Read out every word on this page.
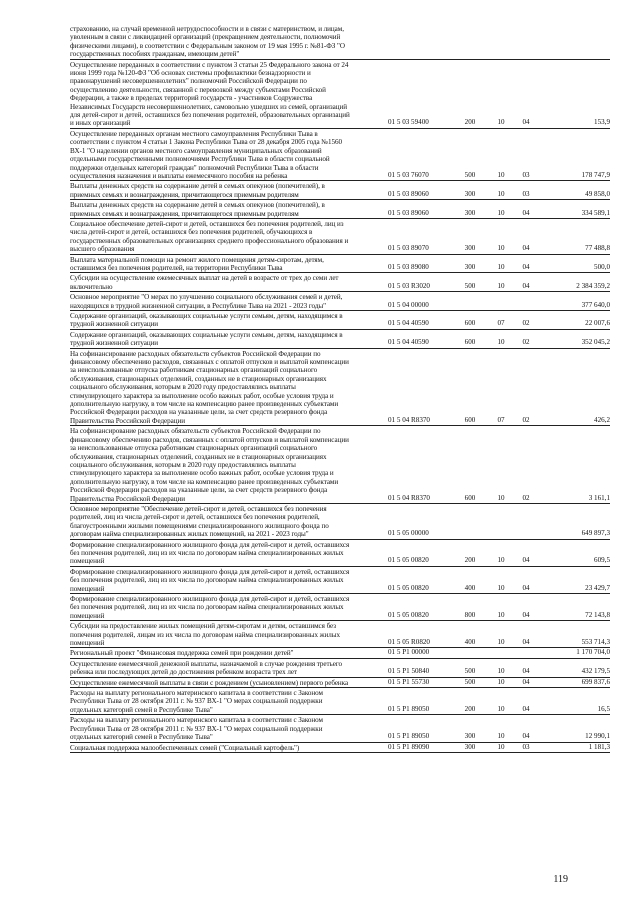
страхованию, на случай временной нетрудоспособности и в связи с материнством, и лицам,
уволенным в связи с ликвидацией организаций (прекращением деятельности, полномочий
физическими лицами), в соответствии с Федеральным законом от 19 мая 1995 г. №81-ФЗ "О
государственных пособиях гражданам, имеющим детей"
Осуществление переданных в соответствии с пунктом 3 статьи 25 Федерального закона от 24
июня 1999 года №120-ФЗ "Об основах системы профилактики безнадзорности и
правонарушений несовершеннолетних" полномочий Российской Федерации по
осуществлению деятельности, связанной с перевозкой между субъектами Российской
Федерации, а также в пределах территорий государств - участников Содружества
Независимых Государств несовершеннолетних, самовольно ушедших из семей, организаций
для детей-сирот и детей, оставшихся без попечения родителей, образовательных организаций
и иных организаций	01 5 03 59400	200	10	04	153,9
Осуществление переданных органам местного самоуправления Республики Тыва в
соответствии с пунктом 4 статьи 1 Закона Республики Тыва от 28 декабря 2005 года №1560
ВХ-1 "О наделении органов местного самоуправления муниципальных образований
отдельными государственными полномочиями Республики Тыва в области социальной
поддержки отдельных категорий граждан" полномочий Республики Тыва в области
осуществления назначения и выплаты ежемесячного пособия на ребенка	01 5 03 76070	500	10	03	178 747,9
Выплаты денежных средств на содержание детей в семьях опекунов (попечителей), в
приемных семьях и вознаграждения, причитающегося приемным родителям	01 5 03 89060	300	10	03	49 858,0
Выплаты денежных средств на содержание детей в семьях опекунов (попечителей), в
приемных семьях и вознаграждения, причитающегося приемным родителям	01 5 03 89060	300	10	04	334 589,1
Социальное обеспечение детей-сирот и детей, оставшихся без попечения родителей, лиц из
числа детей-сирот и детей, оставшихся без попечения родителей, обучающихся в
государственных образовательных организациях среднего профессионального образования и
высшего образования	01 5 03 89070	300	10	04	77 488,8
Выплата материальной помощи на ремонт жилого помещения детям-сиротам, детям,
оставшимся без попечения родителей, на территории Республики Тыва	01 5 03 89080	300	10	04	500,0
Субсидии на осуществление ежемесячных выплат на детей в возрасте от трех до семи лет
включительно	01 5 03 R3020	500	10	04	2 384 359,2
Основное мероприятие "О мерах по улучшению социального обслуживания семей и детей,
находящихся в трудной жизненной ситуации, в Республике Тыва на 2021 - 2023 годы"	01 5 04 00000	377 640,0
Содержание организаций, оказывающих социальные услуги семьям, детям, находящимся в
трудной жизненной ситуации	01 5 04 40590	600	07	02	22 007,6
Содержание организаций, оказывающих социальные услуги семьям, детям, находящимся в
трудной жизненной ситуации	01 5 04 40590	600	10	02	352 045,2
На софинансирование расходных обязательств субъектов Российской Федерации по
финансовому обеспечению расходов, связанных с оплатой отпусков и выплатой компенсации
за неиспользованные отпуска работникам стационарных организаций социального
обслуживания, стационарных отделений, созданных не в стационарных организациях
социального обслуживания, которым в 2020 году предоставлялись выплаты
стимулирующего характера за выполнение особо важных работ, особые условия труда и
дополнительную нагрузку, в том числе на компенсацию ранее произведенных субъектами
Российской Федерации расходов на указанные цели, за счет средств резервного фонда
Правительства Российской Федерации	01 5 04 R8370	600	07	02	426,2
На софинансирование расходных обязательств субъектов Российской Федерации по
финансовому обеспечению расходов, связанных с оплатой отпусков и выплатой компенсации
за неиспользованные отпуска работникам стационарных организаций социального
обслуживания, стационарных отделений, созданных не в стационарных организациях
социального обслуживания, которым в 2020 году предоставлялись выплаты
стимулирующего характера за выполнение особо важных работ, особые условия труда и
дополнительную нагрузку, в том числе на компенсацию ранее произведенных субъектами
Российской Федерации расходов на указанные цели, за счет средств резервного фонда
Правительства Российской Федерации	01 5 04 R8370	600	10	02	3 161,1
Основное мероприятие "Обеспечение детей-сирот и детей, оставшихся без попечения
родителей, лиц из числа детей-сирот и детей, оставшихся без попечения родителей,
благоустроенными жилыми помещениями специализированного жилищного фонда по
договорам найма специализированных жилых помещений, на 2021 - 2023 годы"	01 5 05 00000	649 897,3
Формирование специализированного жилищного фонда для детей-сирот и детей, оставшихся
без попечения родителей, лиц из их числа по договорам найма специализированных жилых
помещений	01 5 05 00820	200	10	04	609,5
Формирование специализированного жилищного фонда для детей-сирот и детей, оставшихся
без попечения родителей, лиц из их числа по договорам найма специализированных жилых
помещений	01 5 05 00820	400	10	04	23 429,7
Формирование специализированного жилищного фонда для детей-сирот и детей, оставшихся
без попечения родителей, лиц из их числа по договорам найма специализированных жилых
помещений	01 5 05 00820	800	10	04	72 143,8
Субсидии на предоставление жилых помещений детям-сиротам и детям, оставшимся без
попечения родителей, лицам из их числа по договорам найма специализированных жилых
помещений	01 5 05 R0820	400	10	04	553 714,3
Региональный проект "Финансовая поддержка семей при рождении детей"	01 5 P1 00000	1 170 704,0
Осуществление ежемесячной денежной выплаты, назначаемой в случае рождения третьего
ребенка или последующих детей до достижения ребенком возраста трех лет	01 5 P1 50840	500	10	04	432 179,5
Осуществление ежемесячной выплаты в связи с рождением (усыновлением) первого ребенка	01 5 P1 55730	500	10	04	699 837,6
Расходы на выплату регионального материнского капитала в соответствии с Законом
Республики Тыва от 28 октября 2011 г. № 937 ВХ-1 "О мерах социальной поддержки
отдельных категорий семей в Республике Тыва"	01 5 P1 89050	200	10	04	16,5
Расходы на выплату регионального материнского капитала в соответствии с Законом
Республики Тыва от 28 октября 2011 г. № 937 ВХ-1 "О мерах социальной поддержки
отдельных категорий семей в Республике Тыва"	01 5 P1 89050	300	10	04	12 990,1
Социальная поддержка малообеспеченных семей ("Социальный картофель")	01 5 P1 89090	300	10	03	1 181,3
119
